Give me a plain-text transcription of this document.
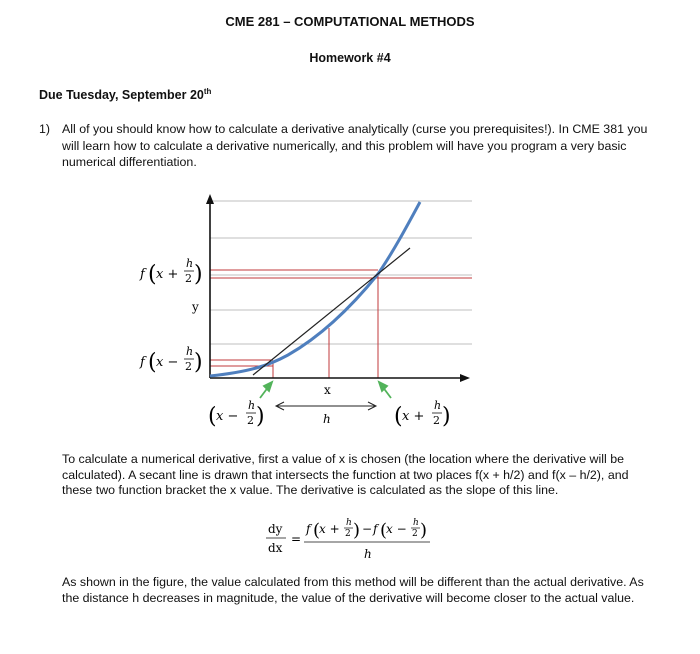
CME 281 – COMPUTATIONAL METHODS
Homework #4
Due Tuesday, September 20th
1) All of you should know how to calculate a derivative analytically (curse you prerequisites!). In CME 381 you will learn how to calculate a derivative numerically, and this problem will have you program a very basic numerical differentiation.
x
h
y
f ( x +
h
2 )
f ( x −
h
2 )
( x −
h
2 )	( x +
h
2 )
To calculate a numerical derivative, first a value of x is chosen (the location where the derivative will be calculated). A secant line is drawn that intersects the function at two places f(x + h/2) and f(x – h/2), and these two function bracket the x value. The derivative is calculated as the slope of this line.
dy
dx
=
f (
x + h
2 ) − f (
x − h
2 )
h
As shown in the figure, the value calculated from this method will be different than the actual derivative. As the distance h decreases in magnitude, the value of the derivative will become closer to the actual value.
